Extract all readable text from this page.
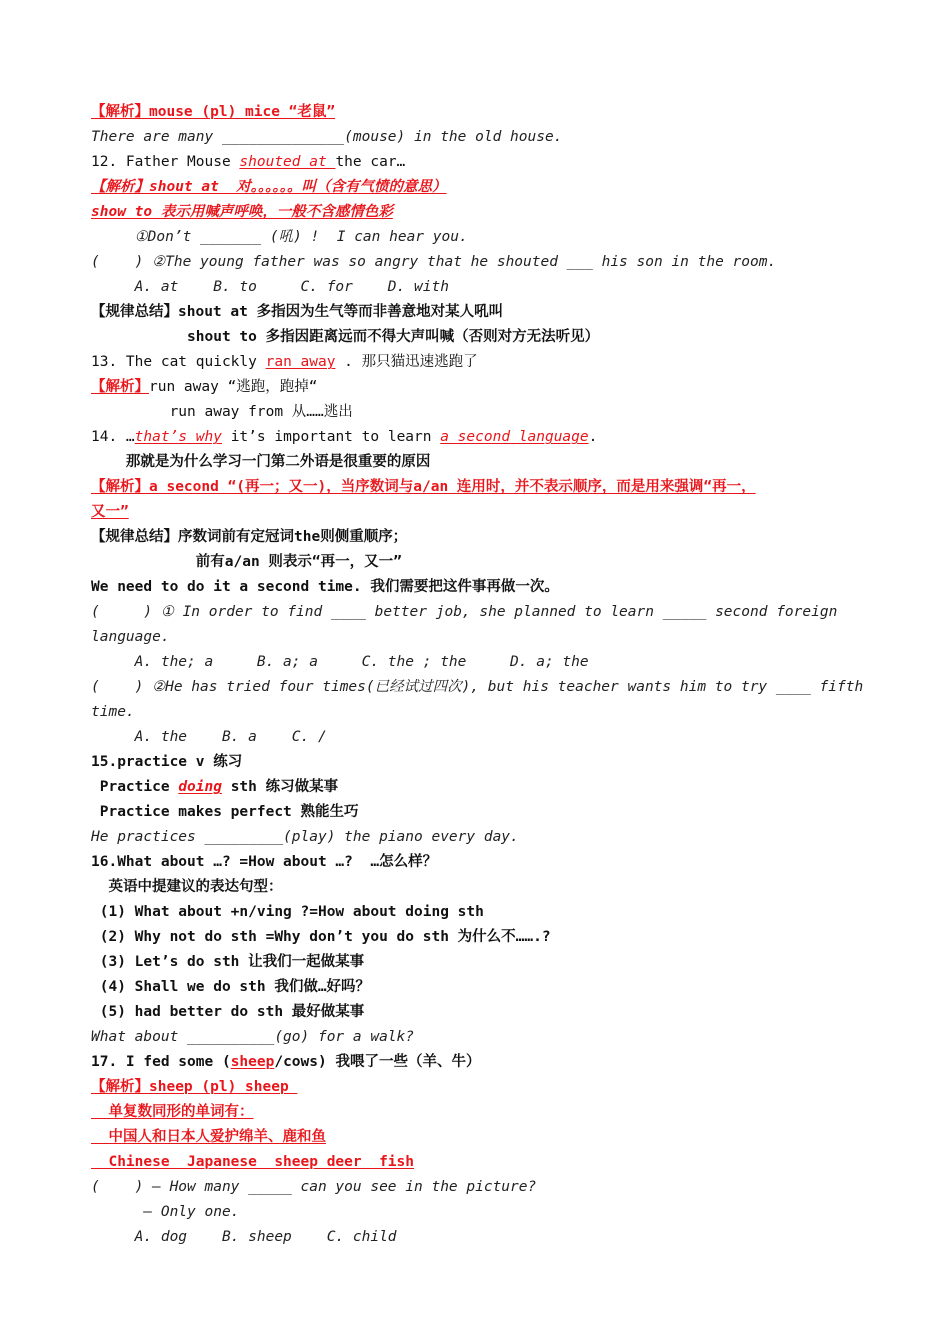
【解析】mouse (pl) mice “老鼠”
There are many ______________(mouse) in the old house.
12. Father Mouse shouted at the car…
【解析】shout at  对。。。。。。叫（含有气愤的意思）
show to 表示用喊声呼唤，一般不含感情色彩
①Don’t _______ (吼) !  I can hear you.
(    ) ②The young father was so angry that he shouted ___ his son in the room.
A. at    B. to     C. for    D. with
【规律总结】shout at 多指因为生气等而非善意地对某人吼叫
shout to 多指因距离远而不得大声叫喊（否则对方无法听见）
13. The cat quickly ran away . 那只猫迅速逃跑了
【解析】run away “逃跑，跑掉“
run away from 从……逃出
14. …that’s why it’s important to learn a second language.
那就是为什么学习一门第二外语是很重要的原因
【解析】a second “(再一；又一)，当序数词与a/an 连用时，并不表示顺序，而是用来强调“再一，
又一”
【规律总结】序数词前有定冠词the则侧重顺序；
前有a/an 则表示“再一，又一”
We need to do it a second time. 我们需要把这件事再做一次。
(     ) ① In order to find ____ better job, she planned to learn _____ second foreign
language.
A. the; a     B. a; a     C. the ; the     D. a; the
(    ) ②He has tried four times(已经试过四次), but his teacher wants him to try ____ fifth
time.
A. the    B. a    C. /
15.practice v 练习
Practice doing sth 练习做某事
Practice makes perfect 熟能生巧
He practices _________(play) the piano every day.
16.What about …? =How about …?  …怎么样？
英语中提建议的表达句型：
(1) What about +n/ving ?=How about doing sth
(2) Why not do sth =Why don’t you do sth 为什么不…….?
(3) Let’s do sth 让我们一起做某事
(4) Shall we do sth 我们做…好吗？
(5) had better do sth 最好做某事
What about __________(go) for a walk?
17. I fed some (sheep/cows) 我喂了一些（羊、牛）
【解析】sheep (pl) sheep
单复数同形的单词有：
中国人和日本人爱护绵羊、鹿和鱼
Chinese  Japanese  sheep deer  fish
(    ) — How many _____ can you see in the picture?
— Only one.
A. dog    B. sheep    C. child
